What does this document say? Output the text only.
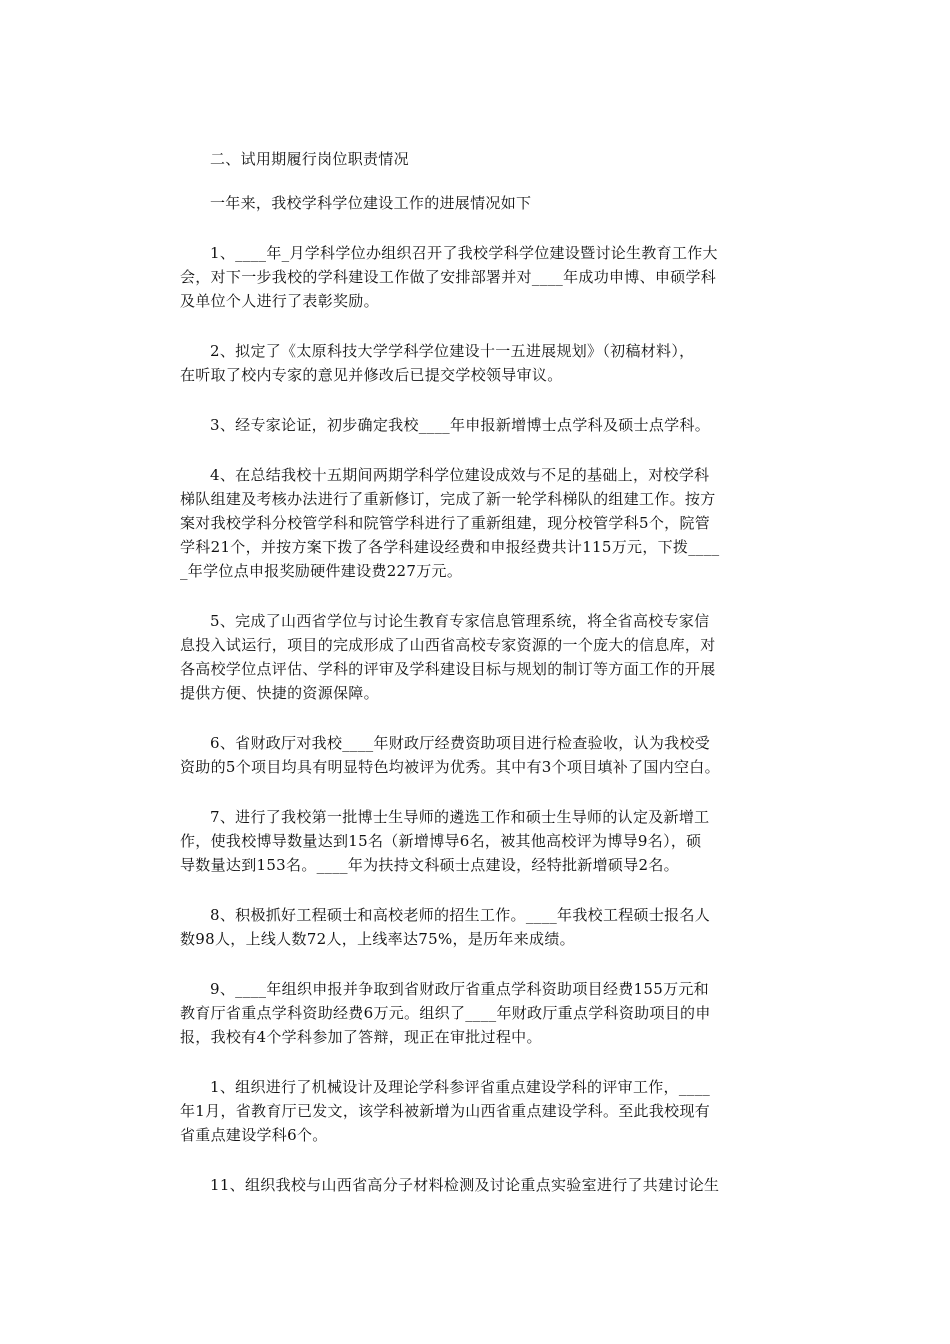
二、试用期履行岗位职责情况
一年来，我校学科学位建设工作的进展情况如下
1、____年_月学科学位办组织召开了我校学科学位建设暨讨论生教育工作大
会，对下一步我校的学科建设工作做了安排部署并对____年成功申博、申硕学科
及单位个人进行了表彰奖励。
2、拟定了《太原科技大学学科学位建设十一五进展规划》（初稿材料），
在听取了校内专家的意见并修改后已提交学校领导审议。
3、经专家论证，初步确定我校____年申报新增博士点学科及硕士点学科。
4、在总结我校十五期间两期学科学位建设成效与不足的基础上，对校学科
梯队组建及考核办法进行了重新修订，完成了新一轮学科梯队的组建工作。按方
案对我校学科分校管学科和院管学科进行了重新组建，现分校管学科5个，院管
学科21个，并按方案下拨了各学科建设经费和申报经费共计115万元，下拨____
_年学位点申报奖励硬件建设费227万元。
5、完成了山西省学位与讨论生教育专家信息管理系统，将全省高校专家信
息投入试运行，项目的完成形成了山西省高校专家资源的一个庞大的信息库，对
各高校学位点评估、学科的评审及学科建设目标与规划的制订等方面工作的开展
提供方便、快捷的资源保障。
6、省财政厅对我校____年财政厅经费资助项目进行检查验收，认为我校受
资助的5个项目均具有明显特色均被评为优秀。其中有3个项目填补了国内空白。
7、进行了我校第一批博士生导师的遴选工作和硕士生导师的认定及新增工
作，使我校博导数量达到15名（新增博导6名，被其他高校评为博导9名），硕
导数量达到153名。____年为扶持文科硕士点建设，经特批新增硕导2名。
8、积极抓好工程硕士和高校老师的招生工作。____年我校工程硕士报名人
数98人，上线人数72人，上线率达75%，是历年来成绩。
9、____年组织申报并争取到省财政厅省重点学科资助项目经费155万元和
教育厅省重点学科资助经费6万元。组织了____年财政厅重点学科资助项目的申
报，我校有4个学科参加了答辩，现正在审批过程中。
1、组织进行了机械设计及理论学科参评省重点建设学科的评审工作，____
年1月，省教育厅已发文，该学科被新增为山西省重点建设学科。至此我校现有
省重点建设学科6个。
11、组织我校与山西省高分子材料检测及讨论重点实验室进行了共建讨论生
